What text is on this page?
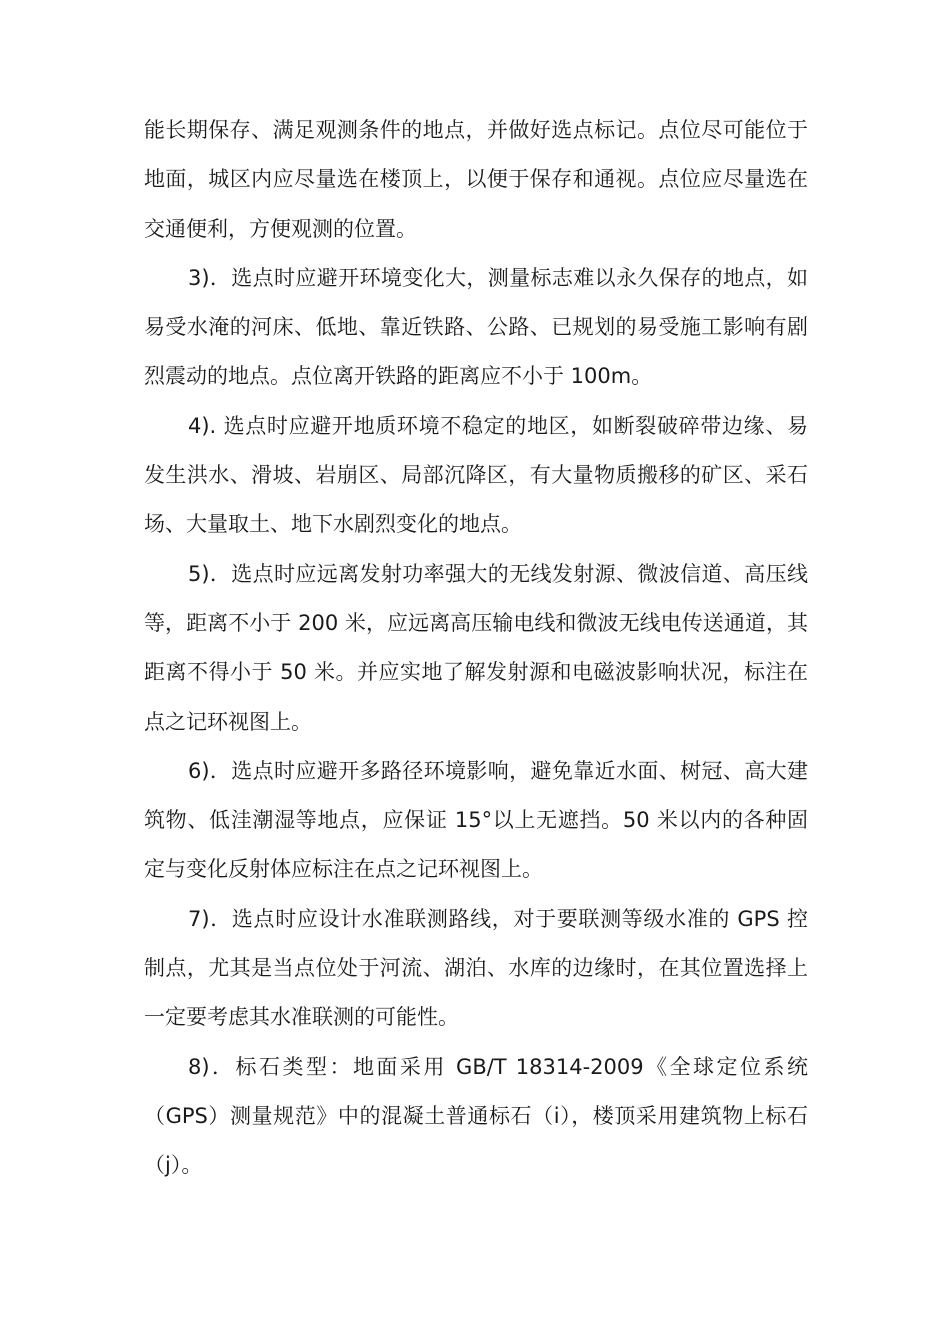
能长期保存、满足观测条件的地点，并做好选点标记。点位尽可能位于地面，城区内应尽量选在楼顶上，以便于保存和通视。点位应尽量选在交通便利，方便观测的位置。

3)．选点时应避开环境变化大，测量标志难以永久保存的地点，如易受水淹的河床、低地、靠近铁路、公路、已规划的易受施工影响有剧烈震动的地点。点位离开铁路的距离应不小于 100m。

4). 选点时应避开地质环境不稳定的地区，如断裂破碎带边缘、易发生洪水、滑坡、岩崩区、局部沉降区，有大量物质搬移的矿区、采石场、大量取土、地下水剧烈变化的地点。

5)．选点时应远离发射功率强大的无线发射源、微波信道、高压线等，距离不小于 200 米，应远离高压输电线和微波无线电传送通道，其距离不得小于 50 米。并应实地了解发射源和电磁波影响状况，标注在点之记环视图上。

6)．选点时应避开多路径环境影响，避免靠近水面、树冠、高大建筑物、低洼潮湿等地点，应保证 15°以上无遮挡。50 米以内的各种固定与变化反射体应标注在点之记环视图上。

7)．选点时应设计水准联测路线，对于要联测等级水准的 GPS 控制点，尤其是当点位处于河流、湖泊、水库的边缘时，在其位置选择上一定要考虑其水准联测的可能性。

8)．标石类型：地面采用 GB/T 18314-2009《全球定位系统（GPS）测量规范》中的混凝土普通标石（i），楼顶采用建筑物上标石（j）。
